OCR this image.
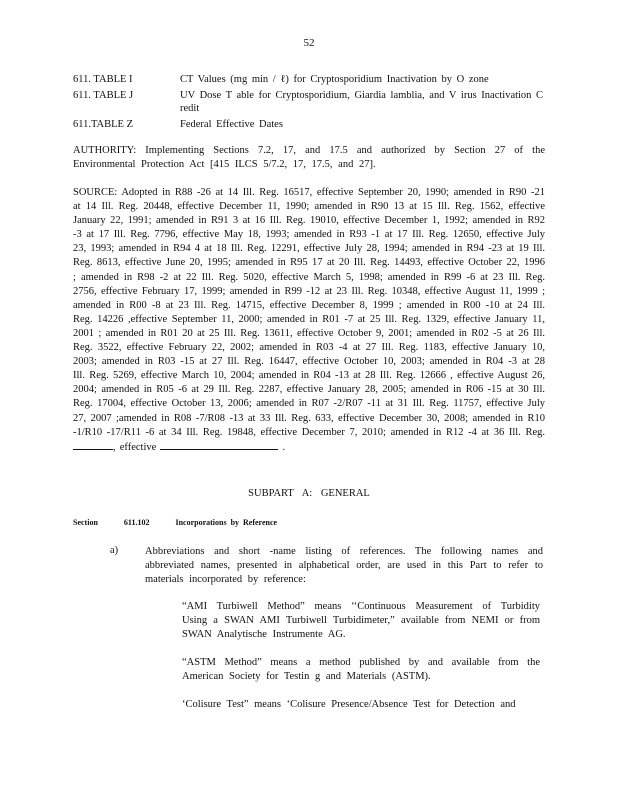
52
611. TABLE I	CT Values (mg min / ℓ) for Cryptosporidium Inactivation by O zone
611. TABLE J	UV Dose T able for Cryptosporidium, Giardia lamblia, and V irus Inactivation C redit
611.TABLE Z	Federal Effective Dates
AUTHORITY: Implementing Sections 7.2, 17, and 17.5 and authorized by Section 27 of the Environmental Protection Act [415 ILCS 5/7.2, 17, 17.5, and 27].
SOURCE: Adopted in R88 -26 at 14 Ill. Reg. 16517, effective September 20, 1990; amended in R90 -21 at 14 Ill. Reg. 20448, effective December 11, 1990; amended in R90 13 at 15 Ill. Reg. 1562, effective January 22, 1991; amended in R91 3 at 16 Ill. Reg. 19010, effective December 1, 1992; amended in R92 -3 at 17 Ill. Reg. 7796, effective May 18, 1993; amended in R93 -1 at 17 Ill. Reg. 12650, effective July 23, 1993; amended in R94 4 at 18 Ill. Reg. 12291, effective July 28, 1994; amended in R94 -23 at 19 Ill. Reg. 8613, effective June 20, 1995; amended in R95 17 at 20 Ill. Reg. 14493, effective October 22, 1996 ; amended in R98 -2 at 22 Ill. Reg. 5020, effective March 5, 1998; amended in R99 -6 at 23 Ill. Reg. 2756, effective February 17, 1999; amended in R99 -12 at 23 Ill. Reg. 10348, effective August 11, 1999 ; amended in R00 -8 at 23 Ill. Reg. 14715, effective December 8, 1999 ; amended in R00 -10 at 24 Ill. Reg. 14226 ,effective September 11, 2000; amended in R01 -7 at 25 Ill. Reg. 1329, effective January 11, 2001 ; amended in R01 20 at 25 Ill. Reg. 13611, effective October 9, 2001; amended in R02 -5 at 26 Ill. Reg. 3522, effective February 22, 2002; amended in R03 -4 at 27 Ill. Reg. 1183, effective January 10, 2003; amended in R03 -15 at 27 Ill. Reg. 16447, effective October 10, 2003; amended in R04 -3 at 28 Ill. Reg. 5269, effective March 10, 2004; amended in R04 -13 at 28 Ill. Reg. 12666 , effective August 26, 2004; amended in R05 -6 at 29 Ill. Reg. 2287, effective January 28, 2005; amended in R06 -15 at 30 Ill. Reg. 17004, effective October 13, 2006; amended in R07 -2/R07 -11 at 31 Ill. Reg. 11757, effective July 27, 2007 ;amended in R08 -7/R08 -13 at 33 Ill. Reg. 633, effective December 30, 2008; amended in R10 -1/R10 -17/R11 -6 at 34 Ill. Reg. 19848, effective December 7, 2010; amended in R12 -4 at 36 Ill. Reg. , effective	.
SUBPART A: GENERAL
Section	611.102	Incorporations by Reference
a)	Abbreviations and short -name listing of references. The following names and abbreviated names, presented in alphabetical order, are used in this Part to refer to materials incorporated by reference:
“AMI Turbiwell Method” means ‘‘Continuous Measurement of Turbidity Using a SWAN AMI Turbiwell Turbidimeter,” available from NEMI or from SWAN Analytische Instrumente AG.
“ASTM Method” means a method published by and available from the American Society for Testin g and Materials (ASTM).
‘Colisure Test” means ‘Colisure Presence/Absence Test for Detection and
